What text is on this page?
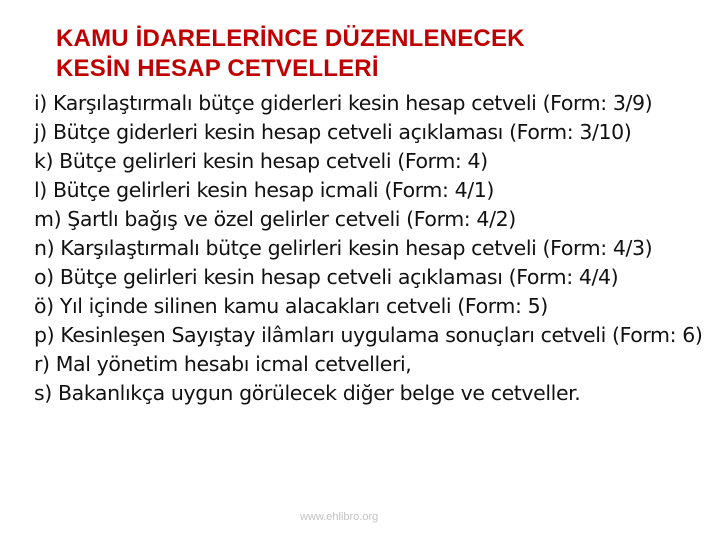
KAMU İDARELERİNCE DÜZENLENECEK
KESİN HESAP CETVELLERİ
i) Karşılaştırmalı bütçe giderleri kesin hesap cetveli (Form: 3/9)
j) Bütçe giderleri kesin hesap cetveli açıklaması (Form: 3/10)
k) Bütçe gelirleri kesin hesap cetveli (Form: 4)
l) Bütçe gelirleri kesin hesap icmali (Form: 4/1)
m) Şartlı bağış ve özel gelirler cetveli (Form: 4/2)
n) Karşılaştırmalı bütçe gelirleri kesin hesap cetveli (Form: 4/3)
o) Bütçe gelirleri kesin hesap cetveli açıklaması (Form: 4/4)
ö) Yıl içinde silinen kamu alacakları cetveli (Form: 5)
p) Kesinleşen Sayıştay ilâmları uygulama sonuçları cetveli (Form: 6)
r) Mal yönetim hesabı icmal cetvelleri,
s) Bakanlıkça uygun görülecek diğer belge ve cetveller.
www.ehlibro.org
